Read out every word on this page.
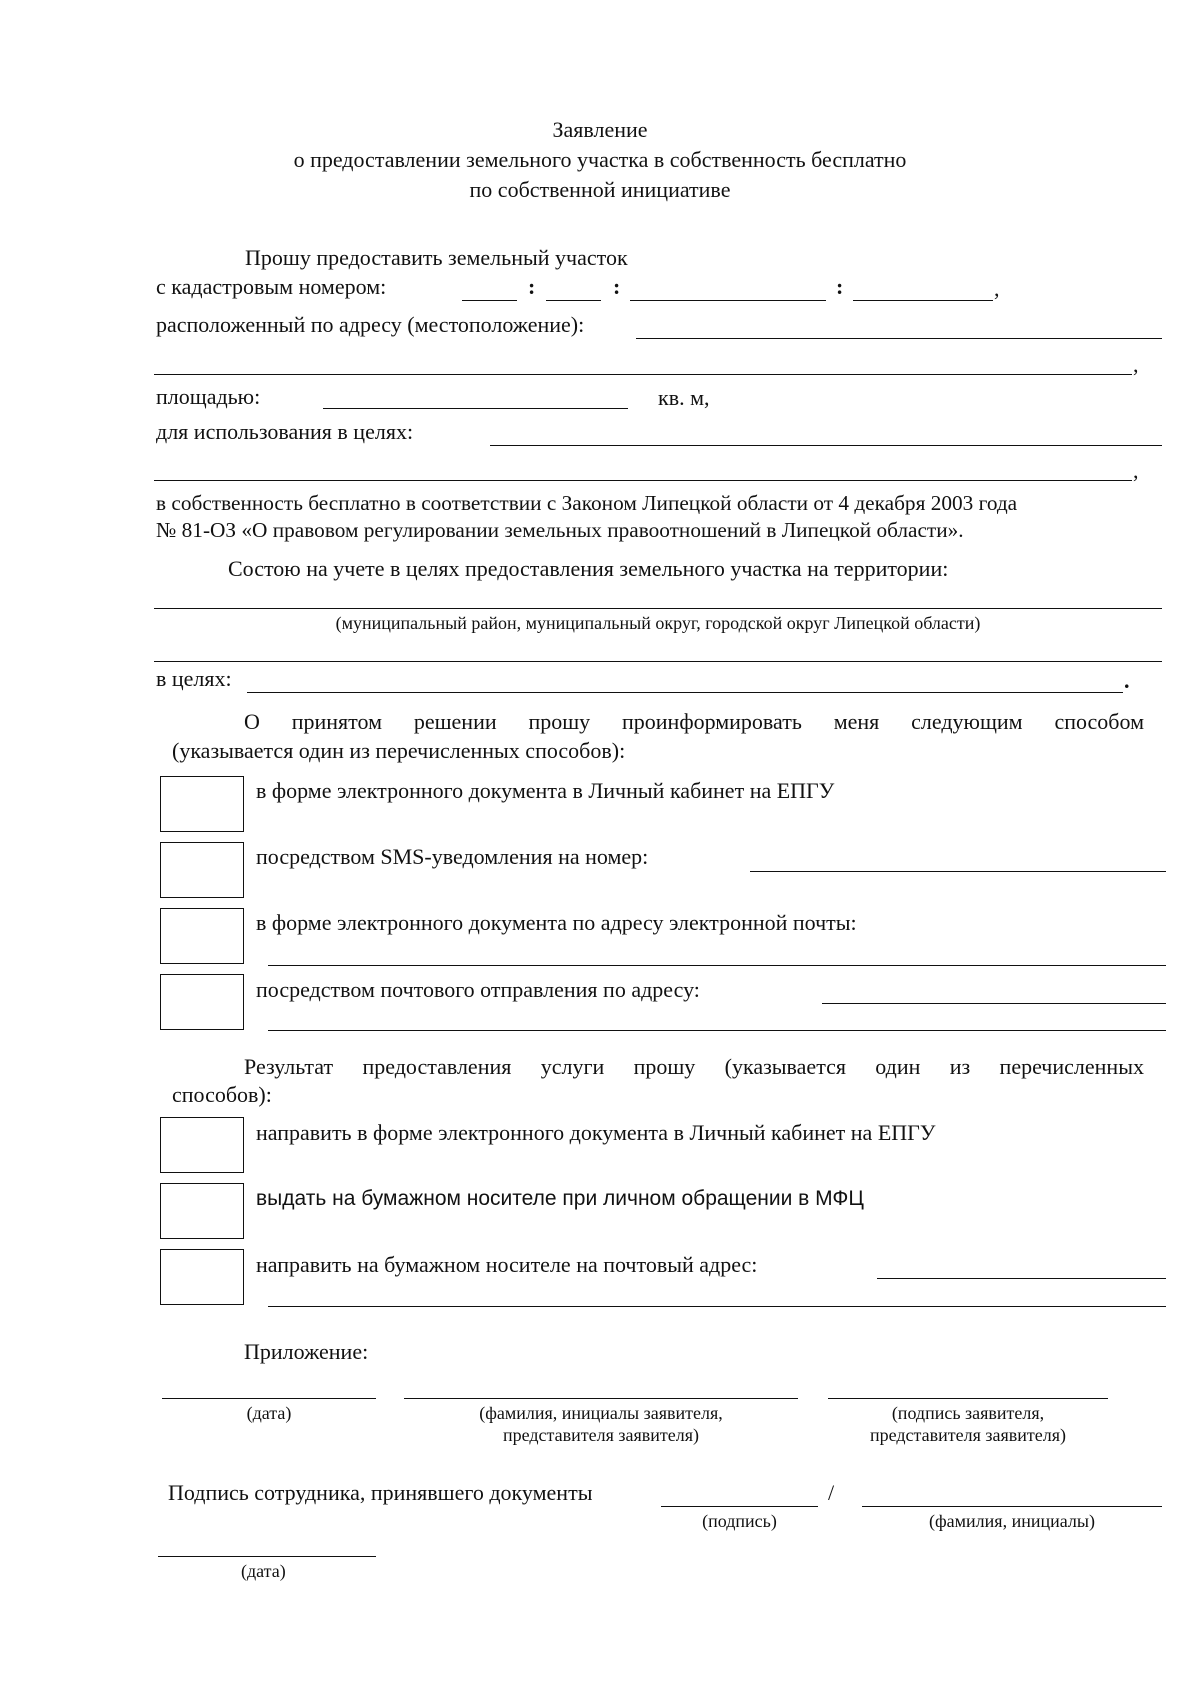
Заявление
о предоставлении земельного участка в собственность бесплатно
по собственной инициативе
Прошу предоставить земельный участок
с кадастровым номером:	:	:	:	,
расположенный по адресу (местоположение):
,
площадью:	кв. м,
для использования в целях:
,
в собственность бесплатно в соответствии с Законом Липецкой области от 4 декабря 2003 года
№ 81-ОЗ «О правовом регулировании земельных правоотношений в Липецкой области».
Состою на учете в целях предоставления земельного участка на территории:
(муниципальный район, муниципальный округ, городской округ Липецкой области)
в целях:	.
О принятом решении прошу проинформировать меня следующим способом
(указывается один из перечисленных способов):
в форме электронного документа в Личный кабинет на ЕПГУ
посредством SMS-уведомления на номер:
в форме электронного документа по адресу электронной почты:
посредством почтового отправления по адресу:
Результат предоставления услуги прошу (указывается один из перечисленных
способов):
направить в форме электронного документа в Личный кабинет на ЕПГУ
выдать на бумажном носителе при личном обращении в МФЦ
направить на бумажном носителе на почтовый адрес:
Приложение:
(дата)	(фамилия, инициалы заявителя,
представителя заявителя)
(подпись заявителя,
представителя заявителя)
Подпись сотрудника, принявшего документы	/
(подпись)	(фамилия, инициалы)
(дата)
